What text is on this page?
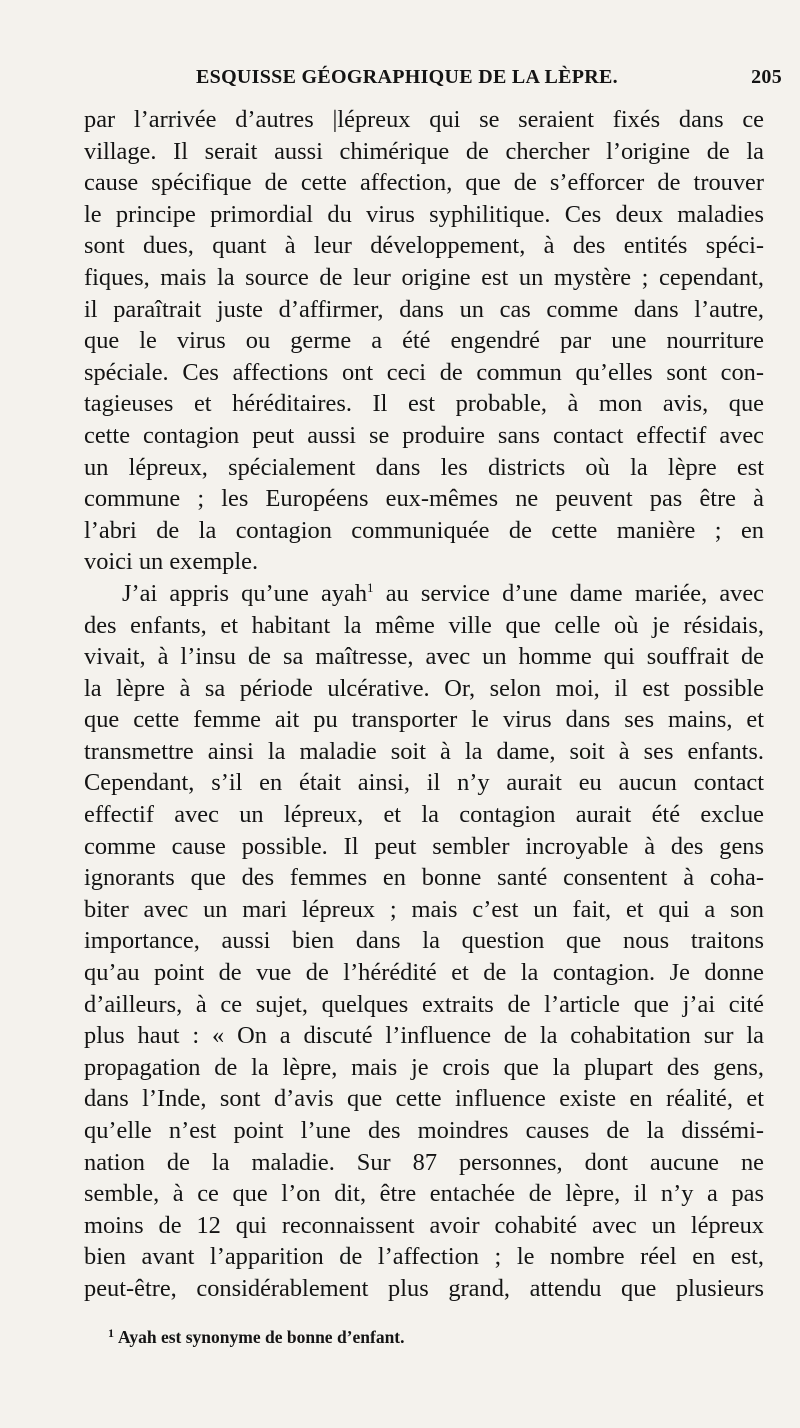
ESQUISSE GÉOGRAPHIQUE DE LA LÈPRE.	205
par l’arrivée d’autres |lépreux qui se seraient fixés dans ce
village. Il serait aussi chimérique de chercher l’origine de la
cause spécifique de cette affection, que de s’efforcer de trouver
le principe primordial du virus syphilitique. Ces deux maladies
sont dues, quant à leur développement, à des entités spéci-
fiques, mais la source de leur origine est un mystère ; cependant,
il paraîtrait juste d’affirmer, dans un cas comme dans l’autre,
que le virus ou germe a été engendré par une nourriture
spéciale. Ces affections ont ceci de commun qu’elles sont con-
tagieuses et héréditaires. Il est probable, à mon avis, que
cette contagion peut aussi se produire sans contact effectif avec
un lépreux, spécialement dans les districts où la lèpre est
commune ; les Européens eux-mêmes ne peuvent pas être à
l’abri de la contagion communiquée de cette manière ; en
voici un exemple.
J’ai appris qu’une ayah$^1$ au service d’une dame mariée, avec
des enfants, et habitant la même ville que celle où je résidais,
vivait, à l’insu de sa maîtresse, avec un homme qui souffrait de
la lèpre à sa période ulcérative. Or, selon moi, il est possible
que cette femme ait pu transporter le virus dans ses mains, et
transmettre ainsi la maladie soit à la dame, soit à ses enfants.
Cependant, s’il en était ainsi, il n’y aurait eu aucun contact
effectif avec un lépreux, et la contagion aurait été exclue
comme cause possible. Il peut sembler incroyable à des gens
ignorants que des femmes en bonne santé consentent à coha-
biter avec un mari lépreux ; mais c’est un fait, et qui a son
importance, aussi bien dans la question que nous traitons
qu’au point de vue de l’hérédité et de la contagion. Je donne
d’ailleurs, à ce sujet, quelques extraits de l’article que j’ai cité
plus haut : « On a discuté l’influence de la cohabitation sur la
propagation de la lèpre, mais je crois que la plupart des gens,
dans l’Inde, sont d’avis que cette influence existe en réalité, et
qu’elle n’est point l’une des moindres causes de la dissémi-
nation de la maladie. Sur 87 personnes, dont aucune ne
semble, à ce que l’on dit, être entachée de lèpre, il n’y a pas
moins de 12 qui reconnaissent avoir cohabité avec un lépreux
bien avant l’apparition de l’affection ; le nombre réel en est,
peut-être, considérablement plus grand, attendu que plusieurs
$^1$ Ayah est synonyme de bonne d’enfant.
